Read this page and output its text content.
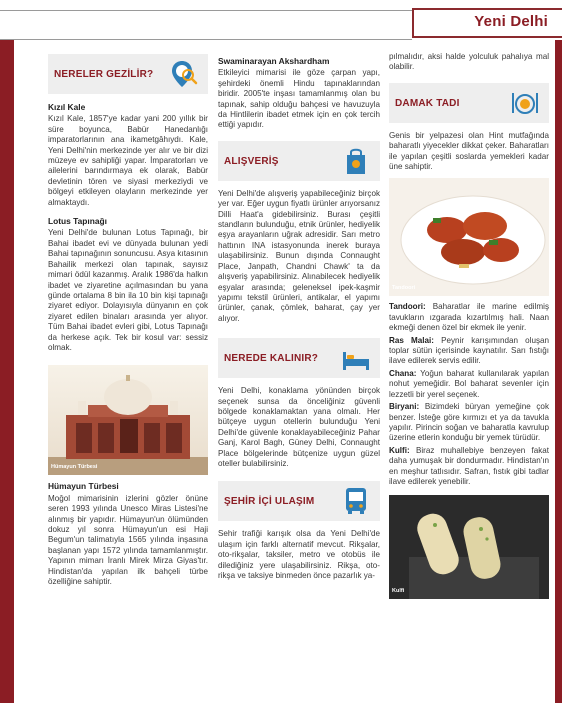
Yeni Delhi
NERELER GEZİLİR?

Kızıl Kale

Kızıl Kale, 1857'ye kadar yani 200 yıllık bir süre boyunca, Babür Hanedanlığı imparatorlarının ana ikametgâhıydı. Kale, Yeni Delhi'nin merkezinde yer alır ve bir dizi müzeye ev sahipliği yapar. İmparatorları ve ailelerini barındırmaya ek olarak, Babür devletinin tören ve siyasi merkeziydi ve bölgeyi etkileyen olayların merkezinde yer almaktaydı.

Lotus Tapınağı

Yeni Delhi'de bulunan Lotus Tapınağı, bir Bahai ibadet evi ve dünyada bulunan yedi Bahai tapınağının sonuncusu. Asya kıtasının Bahailik merkezi olan tapınak, sayısız mimari ödül kazanmış. Aralık 1986'da halkın ibadet ve ziyaretine açılmasından bu yana günde ortalama 8 bin ila 10 bin kişi tapınağı ziyaret ediyor. Dolayısıyla dünyanın en çok ziyaret edilen binaları arasında yer alıyor. Tüm Bahai ibadet evleri gibi, Lotus Tapınağı da herkese açık. Tek bir kosul var: sessiz olmak.

Hümayun Türbesi

Hümayun Türbesi

Moğol mimarisinin izlerini gözler önüne seren 1993 yılında Unesco Miras Listesi'ne alınmış bir yapıdır. Hümayun'un ölümünden dokuz yıl sonra Hümayun'un esi Haji Begum'un talimatıyla 1565 yılında inşasına başlanan yapı 1572 yılında tamamlanmıştır. Yapının mimarı İranlı Mirek Mirza Giyas'tır. Hindistan'da yapılan ilk bahçeli türbe özelliğine sahiptir.

Swaminarayan Akshardham

Etkileyici mimarisi ile göze çarpan yapı, şehirdeki önemli Hindu tapınaklarından biridir. 2005'te inşası tamamlanmış olan bu tapınak, sahip olduğu bahçesi ve havuzuyla da Hintlilerin ibadet etmek için en çok tercih ettiği yapıdır.

ALIŞVERİŞ

Yeni Delhi'de alışveriş yapabileceğiniz birçok yer var. Eğer uygun fiyatlı ürünler arıyorsanız Dilli Haat'a gidebilirsiniz. Burası çeşitli standların bulunduğu, etnik ürünler, hediyelik eşya arayanların uğrak adresidir. Sarı metro hattının INA istasyonunda inerek buraya ulaşabilirsiniz. Bunun dışında Connaught Place, Janpath, Chandni Chawk' ta da alışveriş yapabilirsiniz. Alınabilecek hediyelik eşyalar arasında; geleneksel ipek-kaşmir yapımı tekstil ürünleri, antikalar, el yapımı ürünler, çanak, çömlek, baharat, çay yer alıyor.

NEREDE KALINIR?

Yeni Delhi, konaklama yönünden birçok seçenek sunsa da önceliğiniz güvenli bölgede konaklamaktan yana olmalı. Her bütçeye uygun otellerin bulunduğu Yeni Delhi'de güvenle konaklayabileceğiniz Pahar Ganj, Karol Bagh, Güney Delhi, Connaught Place bölgelerinde bütçenize uygun güzel oteller bulabilirsiniz.

ŞEHİR İÇİ ULAŞIM

Sehir trafiği karışık olsa da Yeni Delhi'de ulaşım için farklı alternatif mevcut. Rikşalar, oto-rikşalar, taksiler, metro ve otobüs ile dilediğiniz yere ulaşabilirsiniz. Rikşa, oto-rikşa ve taksiye binmeden önce pazarlık ya-

pılmalıdır, aksi halde yolculuk pahalıya mal olabilir.

DAMAK TADI

Genis bir yelpazesi olan Hint mutfağında baharatlı yiyecekler dikkat çeker. Baharatları ile yapılan çeşitli soslarda yemekleri kadar üne sahiptir.

Tandoori

Tandoori: Baharatlar ile marine edilmiş tavukların ızgarada kızartılmış hali. Naan ekmeği denen özel bir ekmek ile yenir.

Ras Malai: Peynir karışımından oluşan toplar sütün içerisinde kaynatılır. Sarı fıstığı ilave edilerek servis edilir.

Chana: Yoğun baharat kullanılarak yapılan nohut yemeğidir. Bol baharat sevenler için lezzetli bir yerel seçenek.

Biryani: Bizimdeki büryan yemeğine çok benzer. İsteğe göre kırmızı et ya da tavukla yapılır. Pirincin soğan ve baharatla kavrulup üzerine etlerin konduğu bir yemek türüdür.

Kulfi: Biraz muhallebiye benzeyen fakat daha yumuşak bir dondurmadır. Hindistan'ın en meşhur tatlısıdır. Safran, fıstık gibi tadlar ilave edilerek yenebilir.

Kulfi
